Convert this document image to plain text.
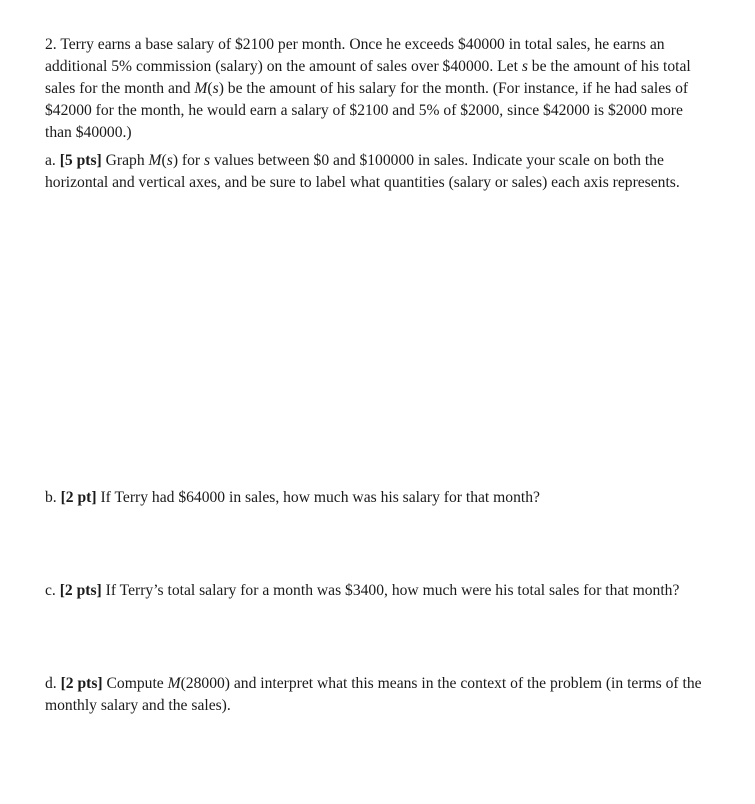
2. Terry earns a base salary of $2100 per month. Once he exceeds $40000 in total sales, he earns an additional 5% commission (salary) on the amount of sales over $40000. Let s be the amount of his total sales for the month and M(s) be the amount of his salary for the month. (For instance, if he had sales of $42000 for the month, he would earn a salary of $2100 and 5% of $2000, since $42000 is $2000 more than $40000.)

a. [5 pts] Graph M(s) for s values between $0 and $100000 in sales. Indicate your scale on both the horizontal and vertical axes, and be sure to label what quantities (salary or sales) each axis represents.

b. [2 pt] If Terry had $64000 in sales, how much was his salary for that month?

c. [2 pts] If Terry’s total salary for a month was $3400, how much were his total sales for that month?

d. [2 pts] Compute M(28000) and interpret what this means in the context of the problem (in terms of the monthly salary and the sales).
